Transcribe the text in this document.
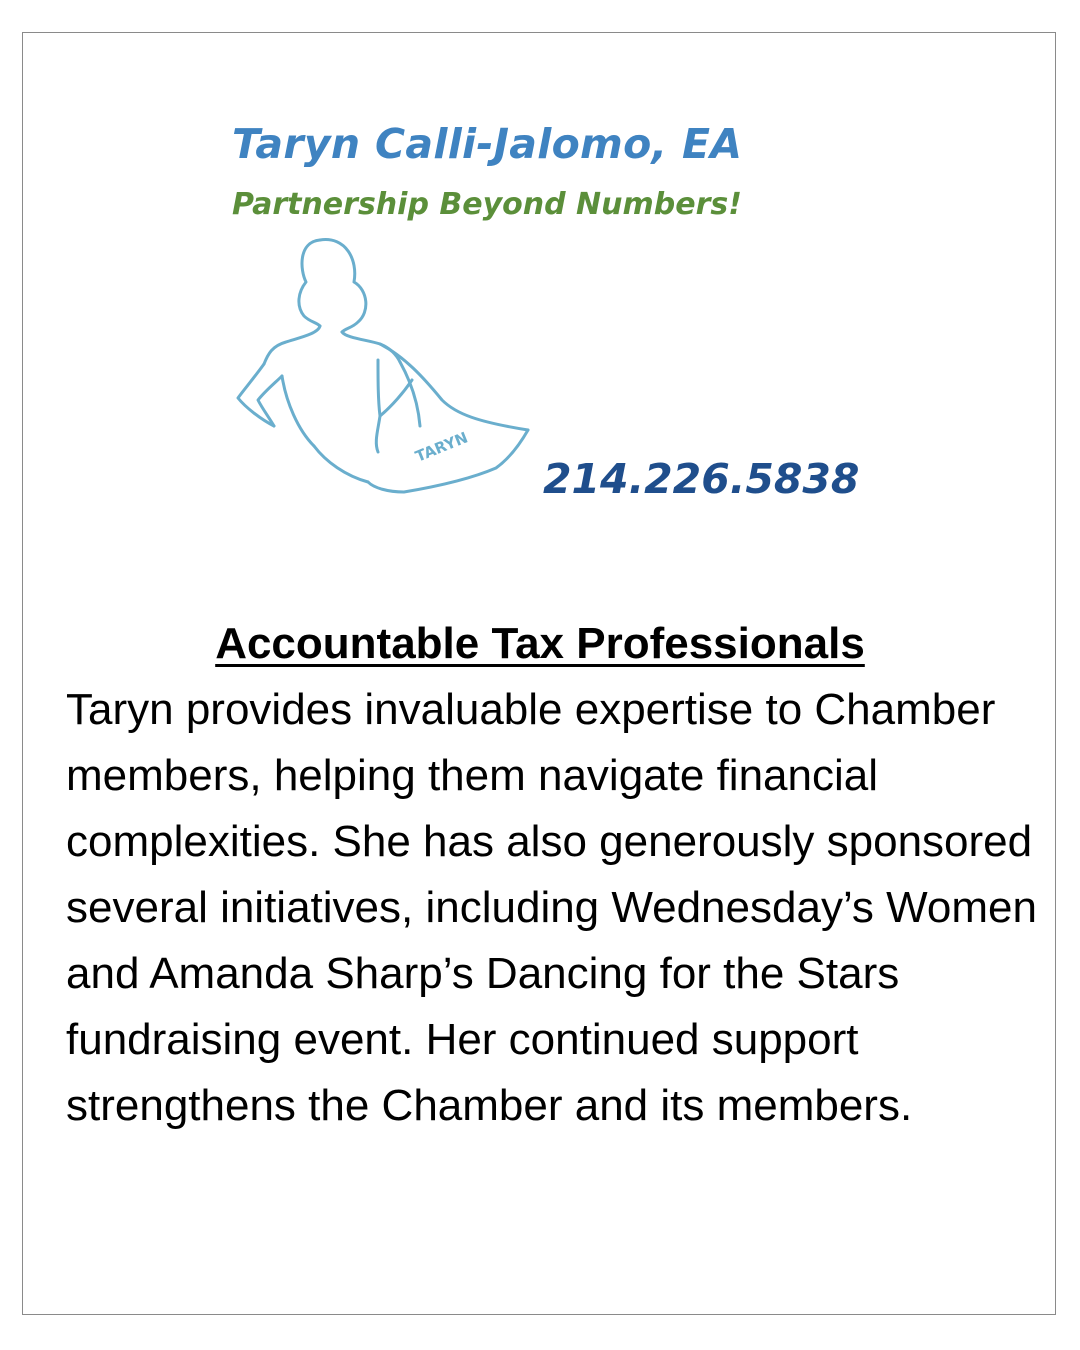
Taryn Calli-Jalomo, EA
Partnership Beyond Numbers!
TARYN
214.226.5838
Accountable Tax Professionals

Taryn provides invaluable expertise to Chamber members, helping them navigate financial complexities. She has also generously sponsored several initiatives, including Wednesday’s Women and Amanda Sharp’s Dancing for the Stars fundraising event. Her continued support strengthens the Chamber and its members.
